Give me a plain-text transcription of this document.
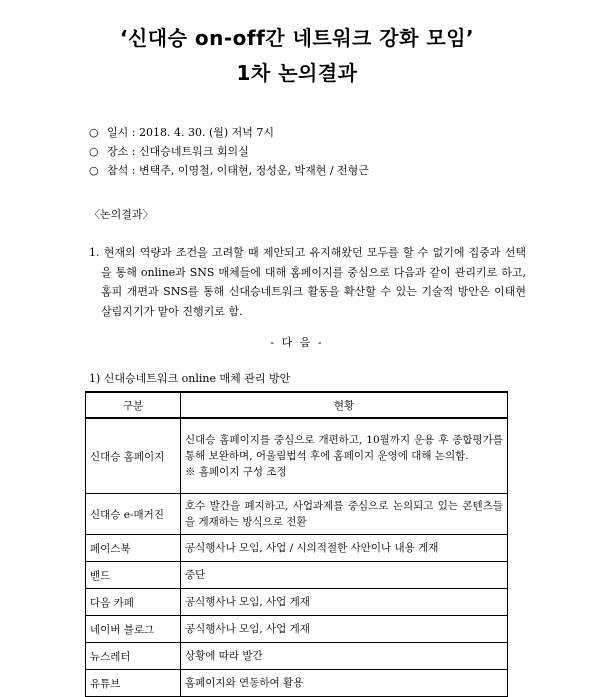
‘신대승 on-off간 네트워크 강화 모임’
1차 논의결과
○ 일시 : 2018. 4. 30. (월) 저녁 7시
○ 장소 : 신대승네트워크 회의실
○ 참석 : 변택주, 이영철, 이태현, 정성운, 박재현 / 전형근
〈논의결과〉
1. 현재의 역량과 조건을 고려할 때 제안되고 유지해왔던 모두를 할 수 없기에 집중과 선택을 통해 online과 SNS 매체들에 대해 홈페이지를 중심으로 다음과 같이 관리키로 하고, 홈피 개편과 SNS를 통해 신대승네트워크 활동을 확산할 수 있는 기술적 방안은 이태현 살림지기가 맡아 진행키로 함.
- 다 음 -
1) 신대승네트워크 online 매체 관리 방안
구분	현황
신대승 홈페이지	신대승 홈페이지를 중심으로 개편하고, 10월까지 운용 후 종합평가를 통해 보완하며, 어울림법석 후에 홈페이지 운영에 대해 논의함.
※ 홈페이지 구성 조정

신대승 e-매거진	호수 발간을 폐지하고, 사업과제를 중심으로 논의되고 있는 콘텐츠들을 게재하는 방식으로 전환
페이스북	공식행사나 모임, 사업 / 시의적절한 사안이나 내용 게재
밴드	중단
다음 카페	공식행사나 모임, 사업 게재
네이버 블로그	공식행사나 모임, 사업 게재
뉴스레터	상황에 따라 발간
유튜브	홈페이지와 연동하여 활용
